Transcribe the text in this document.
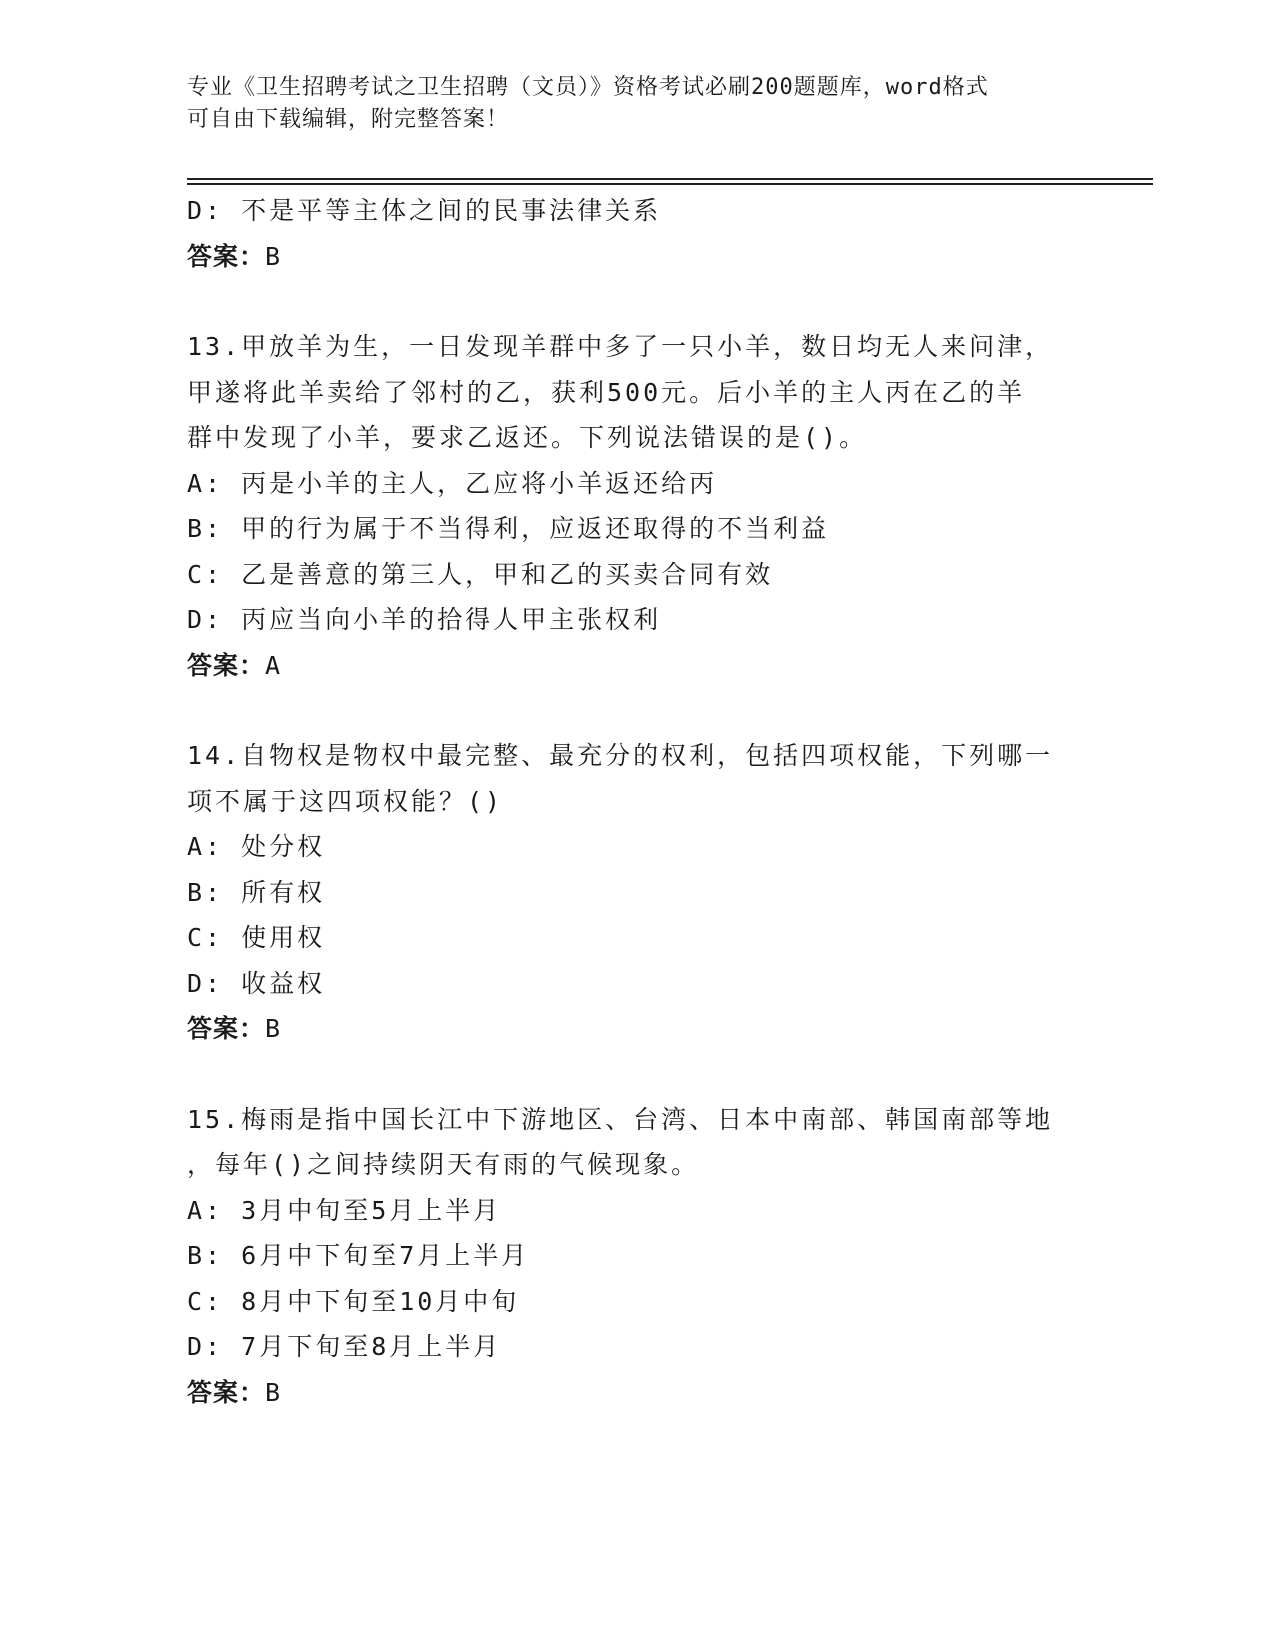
专业《卫生招聘考试之卫生招聘（文员）》资格考试必刷200题题库，word格式
可自由下载编辑，附完整答案！
D: 不是平等主体之间的民事法律关系
答案：B
13.甲放羊为生，一日发现羊群中多了一只小羊，数日均无人来问津，
甲遂将此羊卖给了邻村的乙，获利500元。后小羊的主人丙在乙的羊
群中发现了小羊，要求乙返还。下列说法错误的是()。
A: 丙是小羊的主人，乙应将小羊返还给丙
B: 甲的行为属于不当得利，应返还取得的不当利益
C: 乙是善意的第三人，甲和乙的买卖合同有效
D: 丙应当向小羊的拾得人甲主张权利
答案：A
14.自物权是物权中最完整、最充分的权利，包括四项权能，下列哪一
项不属于这四项权能？()
A: 处分权
B: 所有权
C: 使用权
D: 收益权
答案：B
15.梅雨是指中国长江中下游地区、台湾、日本中南部、韩国南部等地
，每年()之间持续阴天有雨的气候现象。
A: 3月中旬至5月上半月
B: 6月中下旬至7月上半月
C: 8月中下旬至10月中旬
D: 7月下旬至8月上半月
答案：B
